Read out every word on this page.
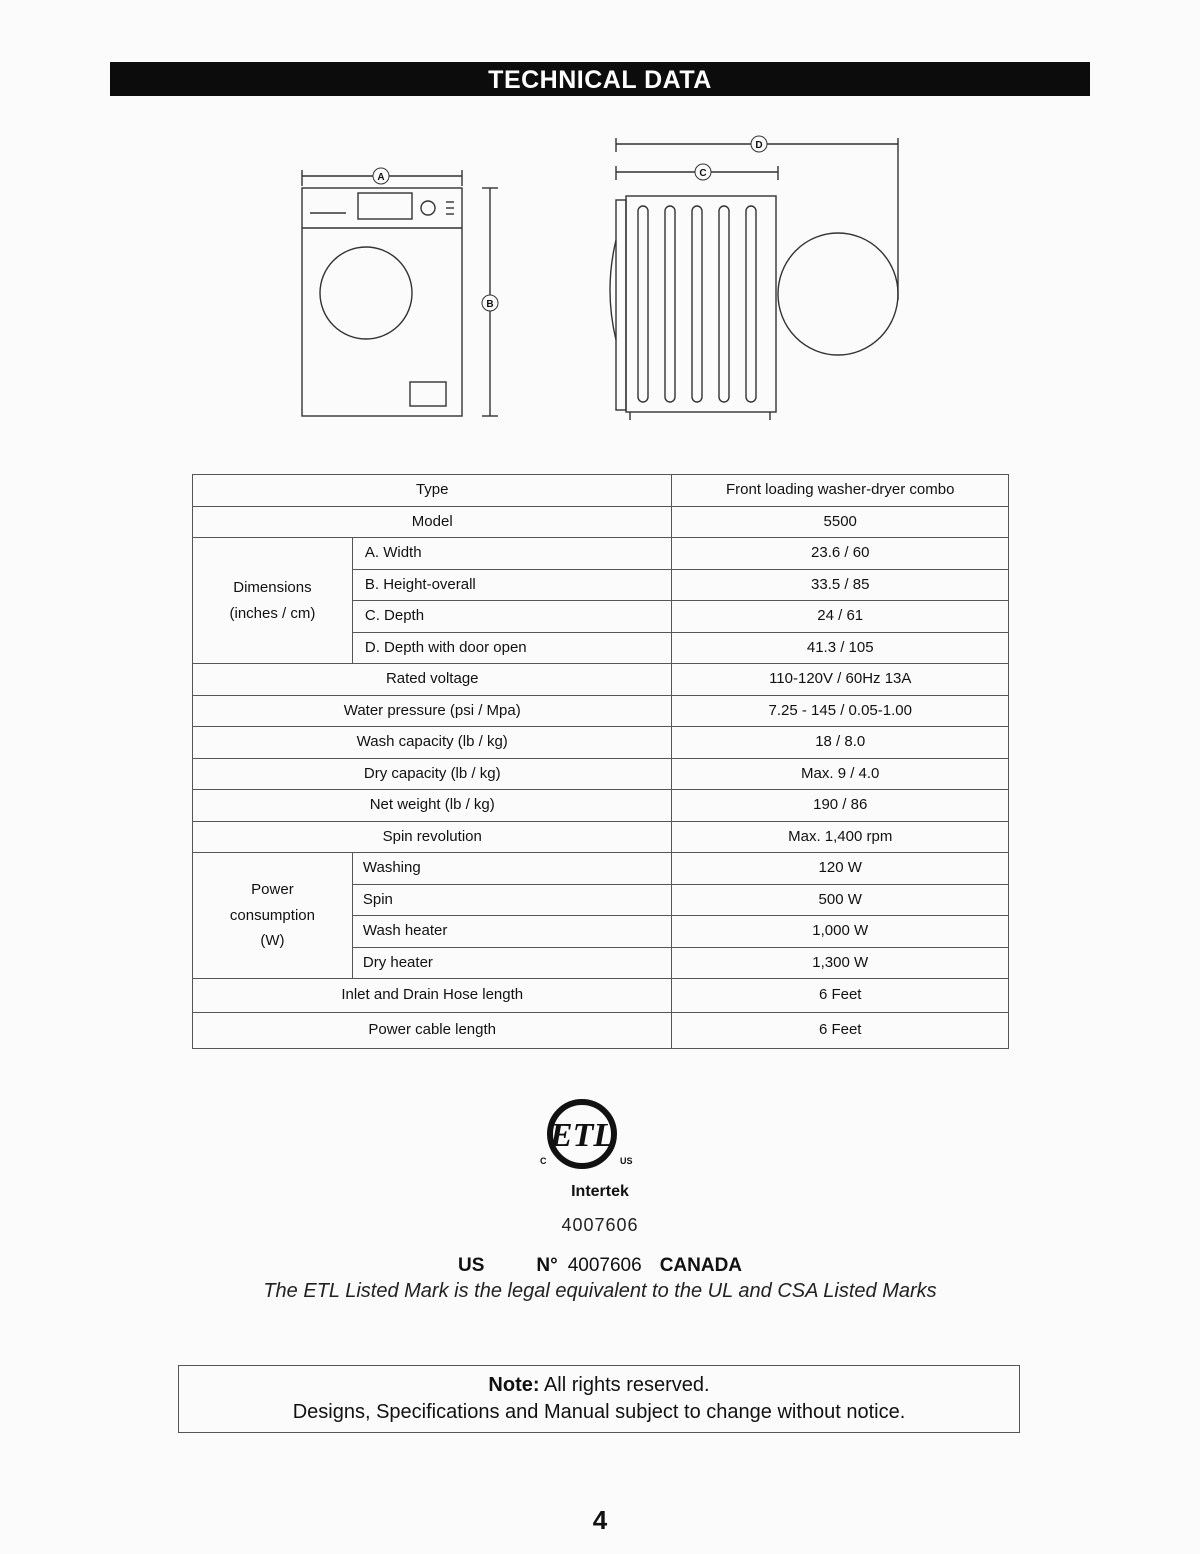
TECHNICAL DATA
A
B
C
D
Type		Front loading washer-dryer combo
Model		5500
Dimensions
(inches / cm)	A. Width	23.6 / 60
	B. Height-overall	33.5 / 85
	C. Depth	24 / 61
	D. Depth with door open	41.3 / 105
Rated voltage		110-120V / 60Hz 13A
Water pressure (psi / Mpa)		7.25 - 145 / 0.05-1.00
Wash capacity (lb / kg)		18 / 8.0
Dry capacity (lb / kg)		Max. 9 / 4.0
Net weight (lb / kg)		190 / 86
Spin revolution		Max. 1,400 rpm
Power
consumption
(W)	Washing	120 W
	Spin	500 W
	Wash heater	1,000 W
	Dry heater	1,300 W
Inlet and Drain Hose length		6 Feet
Power cable length		6 Feet
ETL
C	US
Intertek
4007606
US	N° 4007606 CANADA
The ETL Listed Mark is the legal equivalent to the UL and CSA Listed Marks
Note: All rights reserved.
Designs, Specifications and Manual subject to change without notice.
4
